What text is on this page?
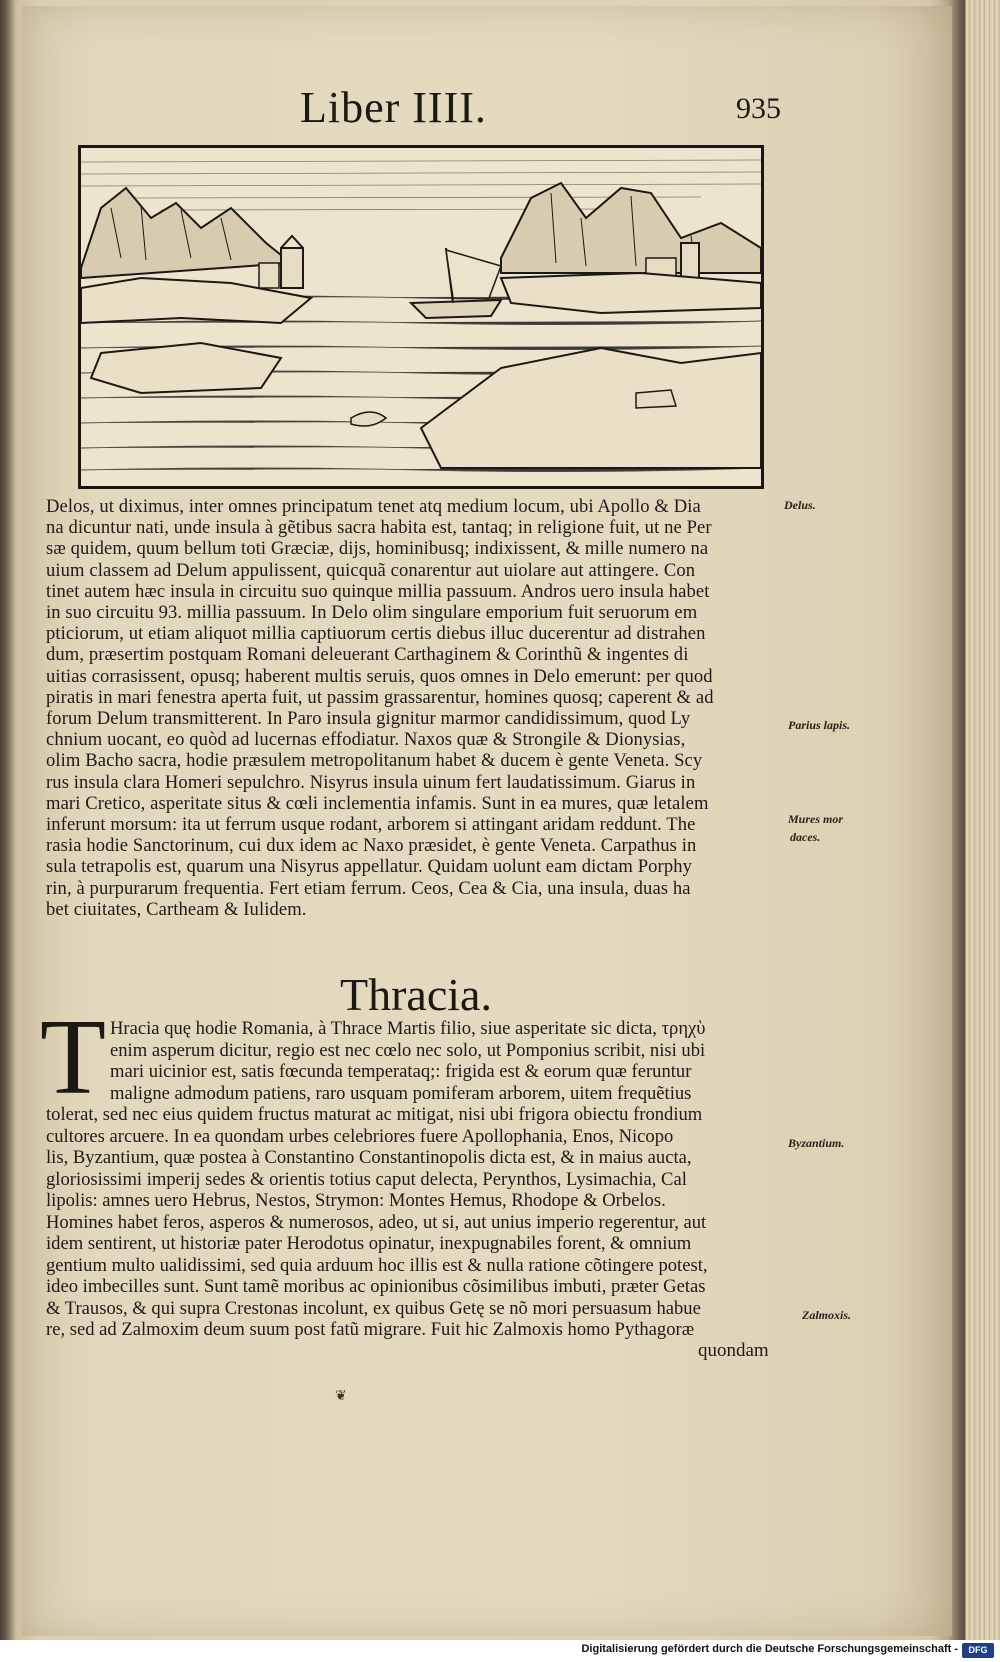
Liber IIII.	935
Delos, ut diximus, inter omnes principatum tenet atq medium locum, ubi Apollo & Dia
na dicuntur nati, unde insula à gẽtibus sacra habita est, tantaq; in religione fuit, ut ne Per
sæ quidem, quum bellum toti Græciæ, dijs, hominibusq; indixissent, & mille numero na
uium classem ad Delum appulissent, quicquã conarentur aut uiolare aut attingere. Con
tinet autem hæc insula in circuitu suo quinque millia passuum. Andros uero insula habet
in suo circuitu 93. millia passuum. In Delo olim singulare emporium fuit seruorum em
pticiorum, ut etiam aliquot millia captiuorum certis diebus illuc ducerentur ad distrahen
dum, præsertim postquam Romani deleuerant Carthaginem & Corinthũ & ingentes di
uitias corrasissent, opusq; haberent multis seruis, quos omnes in Delo emerunt: per quod
piratis in mari fenestra aperta fuit, ut passim grassarentur, homines quosq; caperent & ad
forum Delum transmitterent. In Paro insula gignitur marmor candidissimum, quod Ly
chnium uocant, eo quòd ad lucernas effodiatur. Naxos quæ & Strongile & Dionysias,
olim Bacho sacra, hodie præsulem metropolitanum habet & ducem è gente Veneta. Scy
rus insula clara Homeri sepulchro. Nisyrus insula uinum fert laudatissimum. Giarus in
mari Cretico, asperitate situs & cœli inclementia infamis. Sunt in ea mures, quæ letalem
inferunt morsum: ita ut ferrum usque rodant, arborem si attingant aridam reddunt. The
rasia hodie Sanctorinum, cui dux idem ac Naxo præsidet, è gente Veneta. Carpathus in
sula tetrapolis est, quarum una Nisyrus appellatur. Quidam uolunt eam dictam Porphy
rin, à purpurarum frequentia. Fert etiam ferrum. Ceos, Cea & Cia, una insula, duas ha
bet ciuitates, Cartheam & Iulidem.
Delus.
Parius lapis.
Mures mor
daces.
Thracia.
T Hracia quę hodie Romania, à Thrace Martis filio, siue asperitate sic dicta, τρηχὺ
enim asperum dicitur, regio est nec cœlo nec solo, ut Pomponius scribit, nisi ubi
mari uicinior est, satis fœcunda temperataq;: frigida est & eorum quæ feruntur
maligne admodum patiens, raro usquam pomiferam arborem, uitem frequẽtius
tolerat, sed nec eius quidem fructus maturat ac mitigat, nisi ubi frigora obiectu frondium
cultores arcuere. In ea quondam urbes celebriores fuere Apollophania, Enos, Nicopo
lis, Byzantium, quæ postea à Constantino Constantinopolis dicta est, & in maius aucta,
gloriosissimi imperij sedes & orientis totius caput delecta, Perynthos, Lysimachia, Cal
lipolis: amnes uero Hebrus, Nestos, Strymon: Montes Hemus, Rhodope & Orbelos.
Homines habet feros, asperos & numerosos, adeo, ut si, aut unius imperio regerentur, aut
idem sentirent, ut historiæ pater Herodotus opinatur, inexpugnabiles forent, & omnium
gentium multo ualidissimi, sed quia arduum hoc illis est & nulla ratione cõtingere potest,
ideo imbecilles sunt. Sunt tamẽ moribus ac opinionibus cõsimilibus imbuti, præter Getas
& Trausos, & qui supra Crestonas incolunt, ex quibus Getę se nõ mori persuasum habue
re, sed ad Zalmoxim deum suum post fatũ migrare. Fuit hic Zalmoxis homo Pythagoræ
Byzantium.
Zalmoxis.
quondam
❦
Digitalisierung gefördert durch die Deutsche Forschungsgemeinschaft -	DFG
